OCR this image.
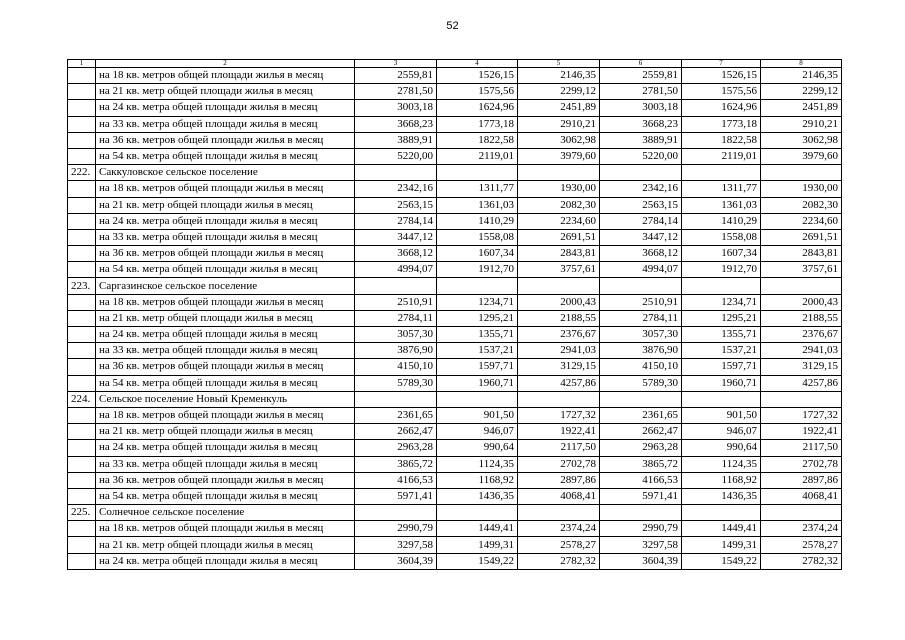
52
1	2	3	4	5	6	7	8
	на 18 кв. метров общей площади жилья в месяц	2559,81	1526,15	2146,35	2559,81	1526,15	2146,35
	на 21 кв. метр общей площади жилья в месяц	2781,50	1575,56	2299,12	2781,50	1575,56	2299,12
	на 24 кв. метра общей площади жилья в месяц	3003,18	1624,96	2451,89	3003,18	1624,96	2451,89
	на 33 кв. метра общей площади жилья в месяц	3668,23	1773,18	2910,21	3668,23	1773,18	2910,21
	на 36 кв. метров общей площади жилья в месяц	3889,91	1822,58	3062,98	3889,91	1822,58	3062,98
	на 54 кв. метра общей площади жилья в месяц	5220,00	2119,01	3979,60	5220,00	2119,01	3979,60
222.	Саккуловское сельское поселение						
	на 18 кв. метров общей площади жилья в месяц	2342,16	1311,77	1930,00	2342,16	1311,77	1930,00
	на 21 кв. метр общей площади жилья в месяц	2563,15	1361,03	2082,30	2563,15	1361,03	2082,30
	на 24 кв. метра общей площади жилья в месяц	2784,14	1410,29	2234,60	2784,14	1410,29	2234,60
	на 33 кв. метра общей площади жилья в месяц	3447,12	1558,08	2691,51	3447,12	1558,08	2691,51
	на 36 кв. метров общей площади жилья в месяц	3668,12	1607,34	2843,81	3668,12	1607,34	2843,81
	на 54 кв. метра общей площади жилья в месяц	4994,07	1912,70	3757,61	4994,07	1912,70	3757,61
223.	Саргазинское сельское поселение						
	на 18 кв. метров общей площади жилья в месяц	2510,91	1234,71	2000,43	2510,91	1234,71	2000,43
	на 21 кв. метр общей площади жилья в месяц	2784,11	1295,21	2188,55	2784,11	1295,21	2188,55
	на 24 кв. метра общей площади жилья в месяц	3057,30	1355,71	2376,67	3057,30	1355,71	2376,67
	на 33 кв. метра общей площади жилья в месяц	3876,90	1537,21	2941,03	3876,90	1537,21	2941,03
	на 36 кв. метров общей площади жилья в месяц	4150,10	1597,71	3129,15	4150,10	1597,71	3129,15
	на 54 кв. метра общей площади жилья в месяц	5789,30	1960,71	4257,86	5789,30	1960,71	4257,86
224.	Сельское поселение Новый Кременкуль						
	на 18 кв. метров общей площади жилья в месяц	2361,65	901,50	1727,32	2361,65	901,50	1727,32
	на 21 кв. метр общей площади жилья в месяц	2662,47	946,07	1922,41	2662,47	946,07	1922,41
	на 24 кв. метра общей площади жилья в месяц	2963,28	990,64	2117,50	2963,28	990,64	2117,50
	на 33 кв. метра общей площади жилья в месяц	3865,72	1124,35	2702,78	3865,72	1124,35	2702,78
	на 36 кв. метров общей площади жилья в месяц	4166,53	1168,92	2897,86	4166,53	1168,92	2897,86
	на 54 кв. метра общей площади жилья в месяц	5971,41	1436,35	4068,41	5971,41	1436,35	4068,41
225.	Солнечное сельское поселение						
	на 18 кв. метров общей площади жилья в месяц	2990,79	1449,41	2374,24	2990,79	1449,41	2374,24
	на 21 кв. метр общей площади жилья в месяц	3297,58	1499,31	2578,27	3297,58	1499,31	2578,27
	на 24 кв. метра общей площади жилья в месяц	3604,39	1549,22	2782,32	3604,39	1549,22	2782,32
